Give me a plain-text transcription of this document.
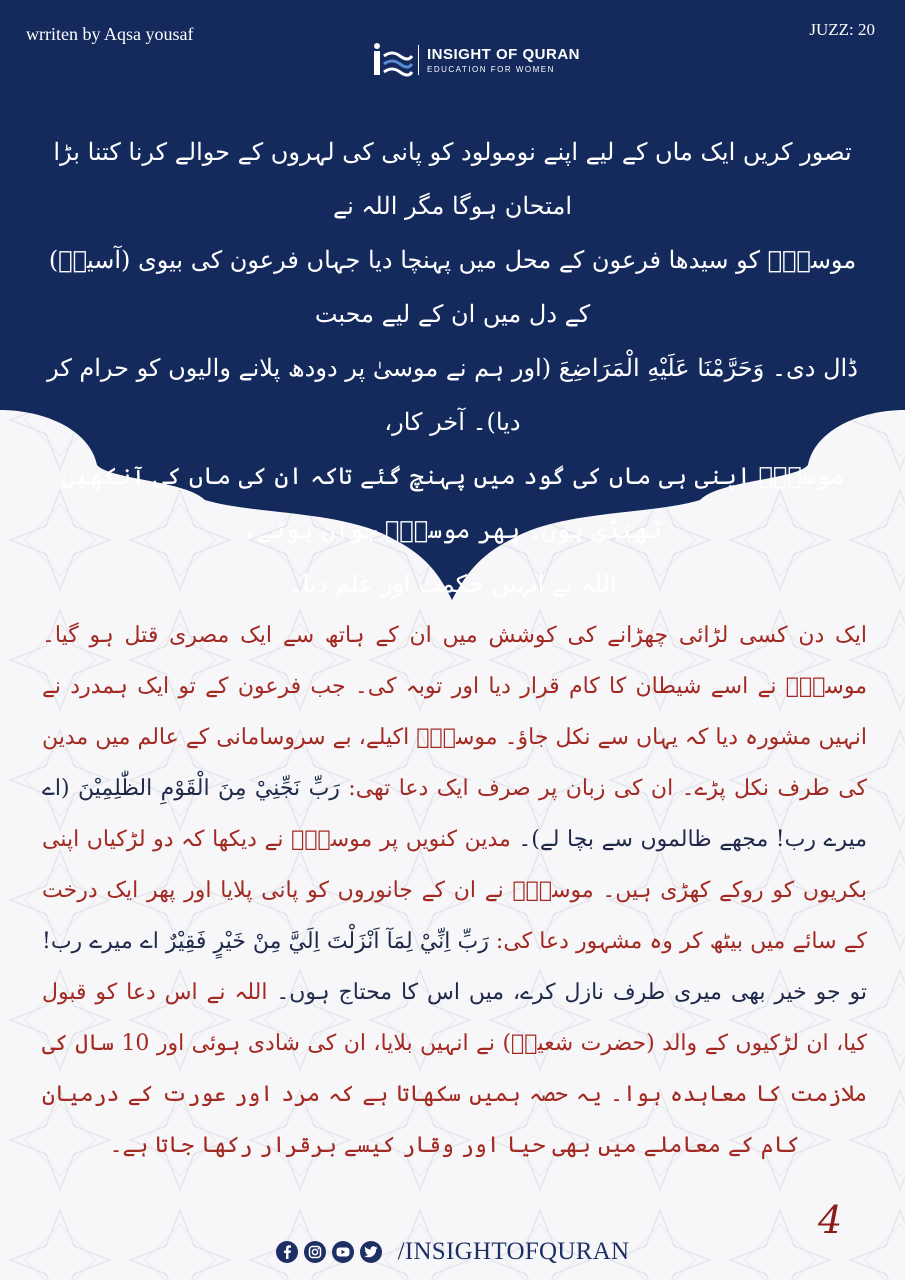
wrriten by Aqsa yousaf	JUZZ: 20
INSIGHT OF QURAN
EDUCATION FOR WOMEN

تصور کریں ایک ماں کے لیے اپنے نومولود کو پانی کی لہروں کے حوالے کرنا کتنا بڑا امتحان ہوگا مگر اللہ نے

موسیٰؑ کو سیدھا فرعون کے محل میں پہنچا دیا جہاں فرعون کی بیوی (آسیہؓ) کے دل میں ان کے لیے محبت

ڈال دی۔ وَحَرَّمْنَا عَلَيْهِ الْمَرَاضِعَ (اور ہم نے موسیٰ پر دودھ پلانے والیوں کو حرام کر دیا)۔ آخر کار،

موسیٰؑ اپنی ہی ماں کی گود میں پہنچ گئے تاکہ ان کی ماں کی آنکھیں ٹھنڈی ہوں۔ پھر موسیٰؑ جوان ہوئے،

اللہ نے انہیں حکمت اور علم دیا۔

ایک دن کسی لڑائی چھڑانے کی کوشش میں ان کے ہاتھ سے ایک مصری قتل ہو گیا۔ موسیٰؑ نے اسے شیطان کا کام قرار دیا اور توبہ کی۔ جب فرعون کے تو ایک ہمدرد نے انہیں مشورہ دیا کہ یہاں سے نکل جاؤ۔ موسیٰؑ اکیلے، بے سروسامانی کے عالم میں مدین کی طرف نکل پڑے۔ ان کی زبان پر صرف ایک دعا تھی: رَبِّ نَجِّنِيْ مِنَ الْقَوْمِ الظّٰلِمِيْنَ (اے میرے رب! مجھے ظالموں سے بچا لے)۔ مدین کنویں پر موسیٰؑ نے دیکھا کہ دو لڑکیاں اپنی بکریوں کو روکے کھڑی ہیں۔ موسیٰؑ نے ان کے جانوروں کو پانی پلایا اور پھر ایک درخت کے سائے میں بیٹھ کر وہ مشہور دعا کی: رَبِّ اِنِّيْ لِمَآ اَنْزَلْتَ اِلَيَّ مِنْ خَيْرٍ فَقِيْرٌ اے میرے رب! تو جو خیر بھی میری طرف نازل کرے، میں اس کا محتاج ہوں۔ اللہ نے اس دعا کو قبول کیا، ان لڑکیوں کے والد (حضرت شعیبؑ) نے انہیں بلایا، ان کی شادی ہوئی اور 10 سال کی ملازمت کا معاہدہ ہوا۔ یہ حصہ ہمیں سکھاتا ہے کہ مرد اور عورت کے درمیان کام کے معاملے میں بھی حیا اور وقار کیسے برقرار رکھا جاتا ہے۔

4
/INSIGHTOFQURAN
